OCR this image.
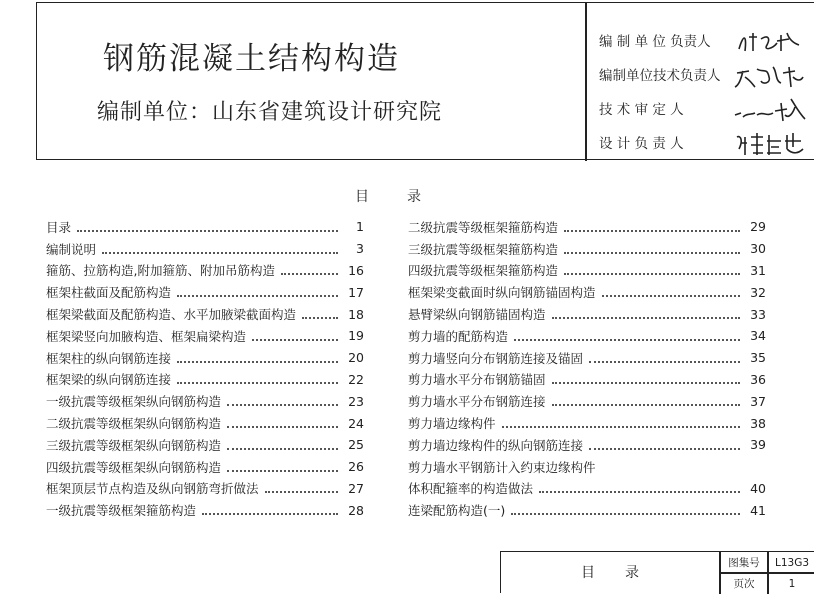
钢筋混凝土结构构造
编制单位：山东省建筑设计研究院
编 制 单 位 负责人
编制单位技术负责人
技 术 审 定 人
设 计 负 责 人
目录
目录	1
编制说明	3
箍筋、拉筋构造,附加箍筋、附加吊筋构造	16
框架柱截面及配筋构造	17
框架梁截面及配筋构造、水平加腋梁截面构造	18
框架梁竖向加腋构造、框架扁梁构造	19
框架柱的纵向钢筋连接	20
框架梁的纵向钢筋连接	22
一级抗震等级框架纵向钢筋构造	23
二级抗震等级框架纵向钢筋构造	24
三级抗震等级框架纵向钢筋构造	25
四级抗震等级框架纵向钢筋构造	26
框架顶层节点构造及纵向钢筋弯折做法	27
一级抗震等级框架箍筋构造	28
二级抗震等级框架箍筋构造	29
三级抗震等级框架箍筋构造	30
四级抗震等级框架箍筋构造	31
框架梁变截面时纵向钢筋锚固构造	32
悬臂梁纵向钢筋锚固构造	33
剪力墙的配筋构造	34
剪力墙竖向分布钢筋连接及锚固	35
剪力墙水平分布钢筋锚固	36
剪力墙水平分布钢筋连接	37
剪力墙边缘构件	38
剪力墙边缘构件的纵向钢筋连接	39
剪力墙水平钢筋计入约束边缘构件
体积配箍率的构造做法	40
连梁配筋构造(一)	41
目录
图集号	L13G3
页次	1
